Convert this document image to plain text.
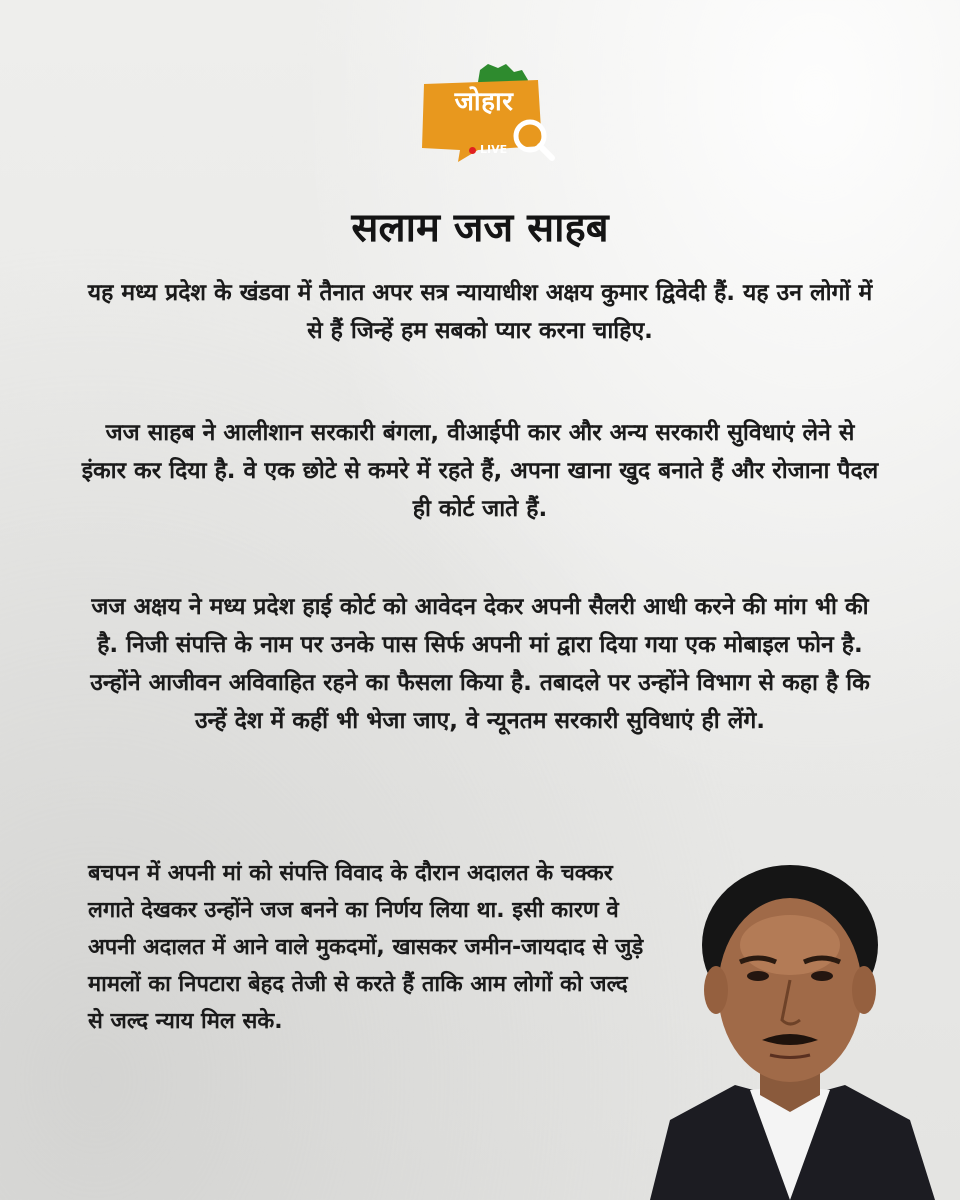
जोहार
LIVE
सलाम जज साहब

यह मध्य प्रदेश के खंडवा में तैनात अपर सत्र न्यायाधीश अक्षय कुमार द्विवेदी हैं. यह उन लोगों में से हैं जिन्हें हम सबको प्यार करना चाहिए.

जज साहब ने आलीशान सरकारी बंगला, वीआईपी कार और अन्य सरकारी सुविधाएं लेने से इंकार कर दिया है. वे एक छोटे से कमरे में रहते हैं, अपना खाना खुद बनाते हैं और रोजाना पैदल ही कोर्ट जाते हैं.

जज अक्षय ने मध्य प्रदेश हाई कोर्ट को आवेदन देकर अपनी सैलरी आधी करने की मांग भी की है. निजी संपत्ति के नाम पर उनके पास सिर्फ अपनी मां द्वारा दिया गया एक मोबाइल फोन है. उन्होंने आजीवन अविवाहित रहने का फैसला किया है. तबादले पर उन्होंने विभाग से कहा है कि उन्हें देश में कहीं भी भेजा जाए, वे न्यूनतम सरकारी सुविधाएं ही लेंगे.

बचपन में अपनी मां को संपत्ति विवाद के दौरान अदालत के चक्कर लगाते देखकर उन्होंने जज बनने का निर्णय लिया था. इसी कारण वे अपनी अदालत में आने वाले मुकदमों, खासकर जमीन-जायदाद से जुड़े मामलों का निपटारा बेहद तेजी से करते हैं ताकि आम लोगों को जल्द से जल्द न्याय मिल सके.
